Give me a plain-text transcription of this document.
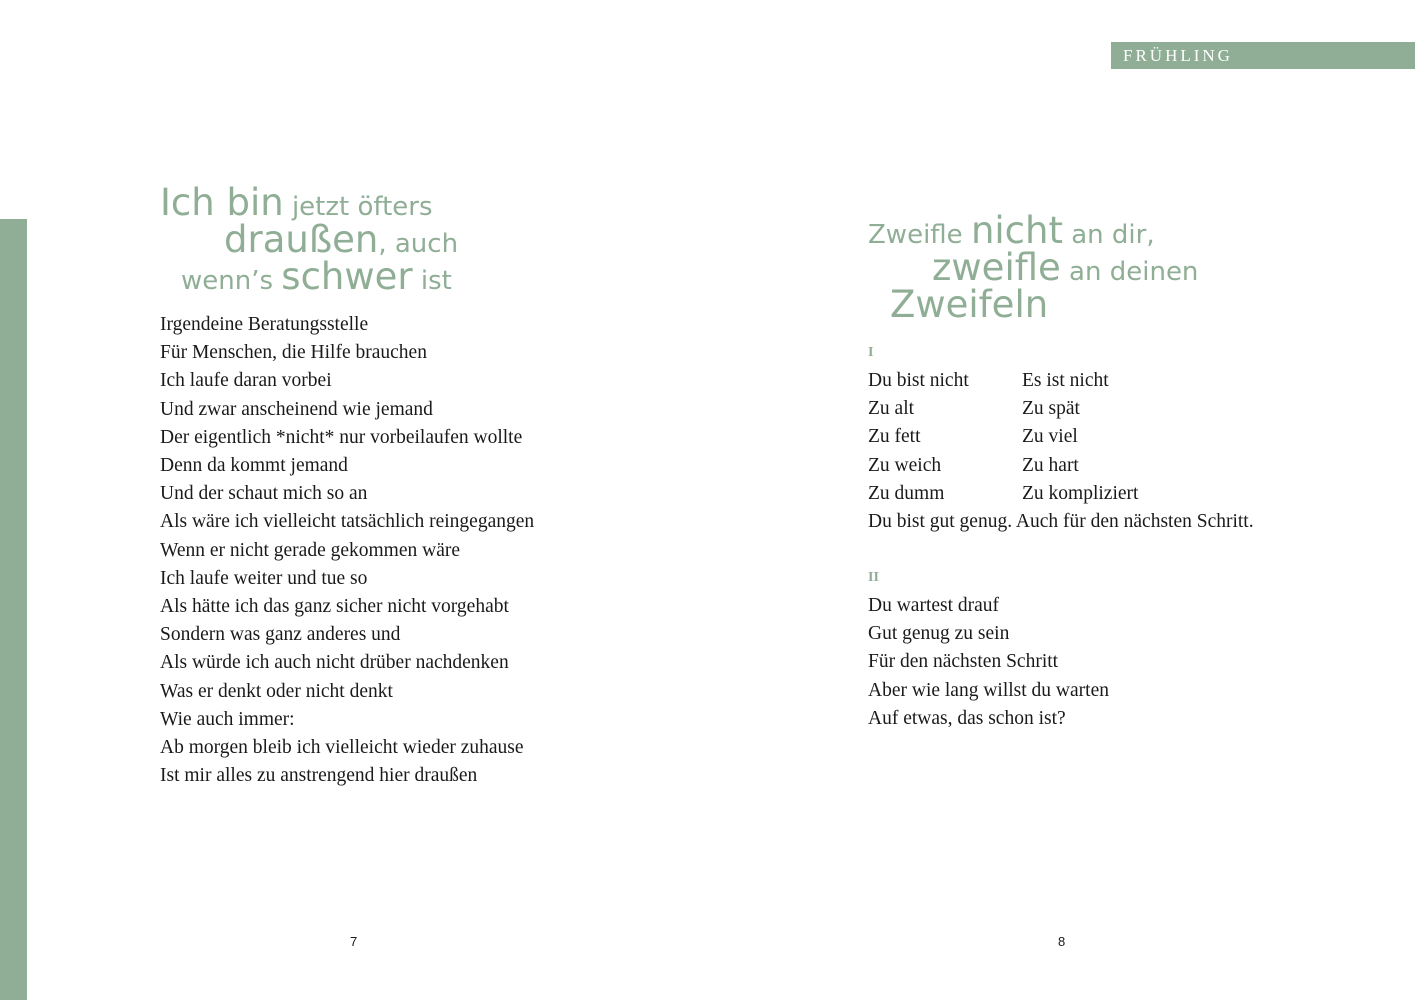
FRÜHLING
Ich bin jetzt öfters
draußen, auch
wenn’s schwer ist
Irgendeine Beratungsstelle
Für Menschen, die Hilfe brauchen
Ich laufe daran vorbei
Und zwar anscheinend wie jemand
Der eigentlich *nicht* nur vorbeilaufen wollte
Denn da kommt jemand
Und der schaut mich so an
Als wäre ich vielleicht tatsächlich reingegangen
Wenn er nicht gerade gekommen wäre
Ich laufe weiter und tue so
Als hätte ich das ganz sicher nicht vorgehabt
Sondern was ganz anderes und
Als würde ich auch nicht drüber nachdenken
Was er denkt oder nicht denkt
Wie auch immer:
Ab morgen bleib ich vielleicht wieder zuhause
Ist mir alles zu anstrengend hier draußen
7
Zweifle nicht an dir,
zweifle an deinen
Zweifeln
I
Du bist nicht	Es ist nicht
Zu alt	Zu spät
Zu fett	Zu viel
Zu weich	Zu hart
Zu dumm	Zu kompliziert
Du bist gut genug. Auch für den nächsten Schritt.
II
Du wartest drauf
Gut genug zu sein
Für den nächsten Schritt
Aber wie lang willst du warten
Auf etwas, das schon ist?
8
